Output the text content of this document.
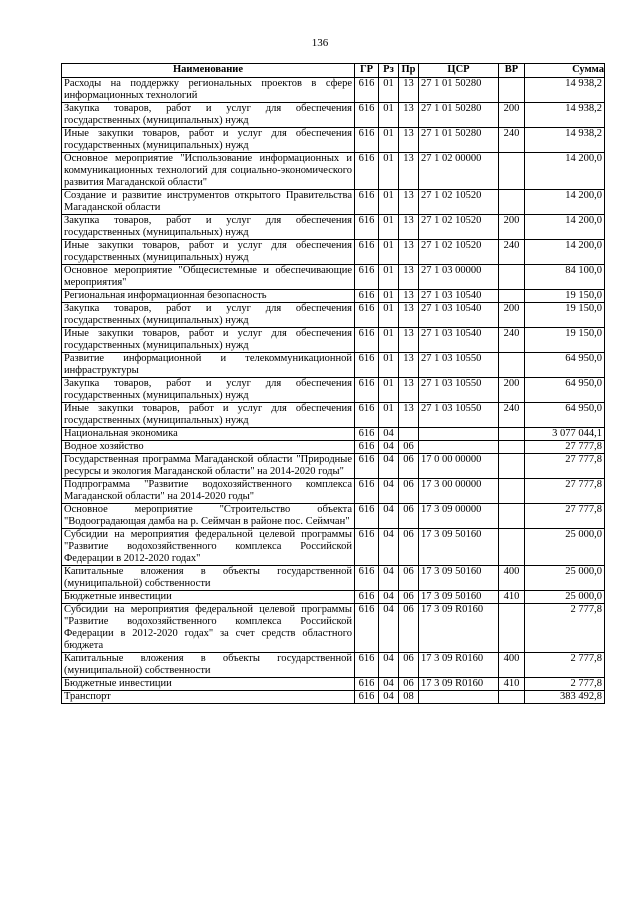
136
Наименование	ГР	Рз	Пр	ЦСР	ВР	Сумма
Расходы на поддержку региональных проектов в сфере информационных технологий	616	01	13	27 1 01 50280		14 938,2
Закупка товаров, работ и услуг для обеспечения государственных (муниципальных) нужд	616	01	13	27 1 01 50280	200	14 938,2
Иные закупки товаров, работ и услуг для обеспечения государственных (муниципальных) нужд	616	01	13	27 1 01 50280	240	14 938,2
Основное мероприятие "Использование информационных и коммуникационных технологий для социально-экономического развития Магаданской области"	616	01	13	27 1 02 00000		14 200,0
Создание и развитие инструментов открытого Правительства Магаданской области	616	01	13	27 1 02 10520		14 200,0
Закупка товаров, работ и услуг для обеспечения государственных (муниципальных) нужд	616	01	13	27 1 02 10520	200	14 200,0
Иные закупки товаров, работ и услуг для обеспечения государственных (муниципальных) нужд	616	01	13	27 1 02 10520	240	14 200,0
Основное мероприятие "Общесистемные и обеспечивающие мероприятия"	616	01	13	27 1 03 00000		84 100,0
Региональная информационная безопасность	616	01	13	27 1 03 10540		19 150,0
Закупка товаров, работ и услуг для обеспечения государственных (муниципальных) нужд	616	01	13	27 1 03 10540	200	19 150,0
Иные закупки товаров, работ и услуг для обеспечения государственных (муниципальных) нужд	616	01	13	27 1 03 10540	240	19 150,0
Развитие информационной и телекоммуникационной инфраструктуры	616	01	13	27 1 03 10550		64 950,0
Закупка товаров, работ и услуг для обеспечения государственных (муниципальных) нужд	616	01	13	27 1 03 10550	200	64 950,0
Иные закупки товаров, работ и услуг для обеспечения государственных (муниципальных) нужд	616	01	13	27 1 03 10550	240	64 950,0
Национальная экономика	616	04				3 077 044,1
Водное хозяйство	616	04	06			27 777,8
Государственная программа Магаданской области "Природные ресурсы и экология Магаданской области" на 2014-2020 годы"	616	04	06	17 0 00 00000		27 777,8
Подпрограмма "Развитие водохозяйственного комплекса Магаданской области" на 2014-2020 годы"	616	04	06	17 3 00 00000		27 777,8
Основное мероприятие "Строительство объекта "Водооградающая дамба на р. Сеймчан в районе пос. Сеймчан"	616	04	06	17 3 09 00000		27 777,8
Субсидии на мероприятия федеральной целевой программы "Развитие водохозяйственного комплекса Российской Федерации в 2012-2020 годах"	616	04	06	17 3 09 50160		25 000,0
Капитальные вложения в объекты государственной (муниципальной) собственности	616	04	06	17 3 09 50160	400	25 000,0
Бюджетные инвестиции	616	04	06	17 3 09 50160	410	25 000,0
Субсидии на мероприятия федеральной целевой программы "Развитие водохозяйственного комплекса Российской Федерации в 2012-2020 годах" за счет средств областного бюджета	616	04	06	17 3 09 R0160		2 777,8
Капитальные вложения в объекты государственной (муниципальной) собственности	616	04	06	17 3 09 R0160	400	2 777,8
Бюджетные инвестиции	616	04	06	17 3 09 R0160	410	2 777,8
Транспорт	616	04	08			383 492,8
